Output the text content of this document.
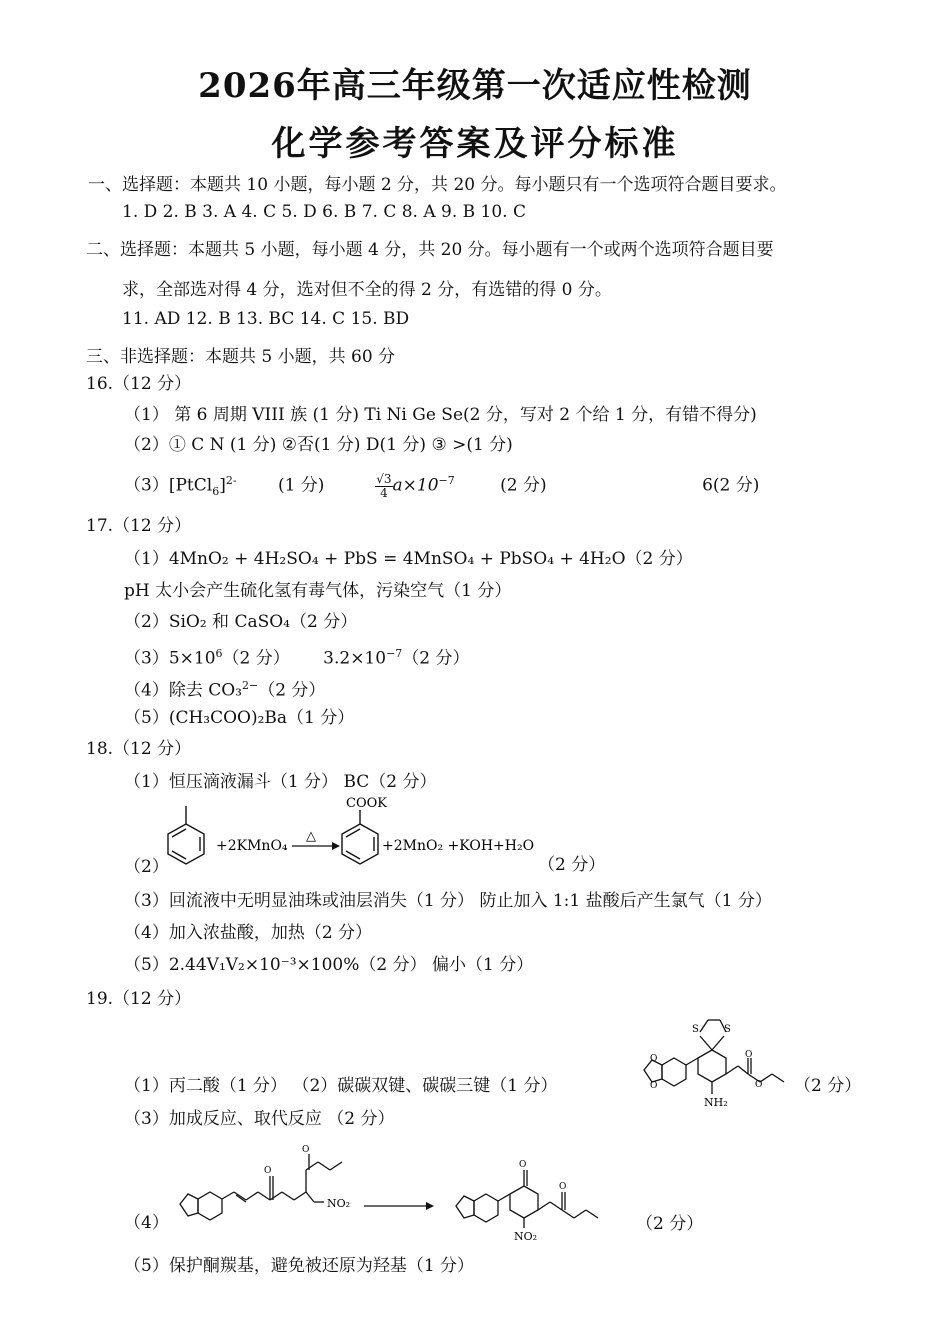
2026年高三年级第一次适应性检测
化学参考答案及评分标准
一、选择题：本题共 10 小题，每小题 2 分，共 20 分。每小题只有一个选项符合题目要求。
1. D 2. B 3. A 4. C 5. D 6. B 7. C 8. A 9. B 10. C
二、选择题：本题共 5 小题，每小题 4 分，共 20 分。每小题有一个或两个选项符合题目要
求，全部选对得 4 分，选对但不全的得 2 分，有选错的得 0 分。
11. AD 12. B 13. BC 14. C 15. BD
三、非选择题：本题共 5 小题，共 60 分
16.（12 分）
（1） 第 6 周期 VIII 族 (1 分) Ti Ni Ge Se(2 分，写对 2 个给 1 分，有错不得分)
（2）① C N (1 分) ②否(1 分) D(1 分) ③ >(1 分)
（3）[PtCl$_6$]$^{2-}$ (1 分)	$\frac{√3}{4} a\times 10^{-7}$	(2 分)	6(2 分)
17.（12 分）
（1）4MnO₂ + 4H₂SO₄ + PbS = 4MnSO₄ + PbSO₄ + 4H₂O（2 分）
pH 太小会产生硫化氢有毒气体，污染空气（1 分）
（2）SiO₂ 和 CaSO₄（2 分）
$(3)5\times 10^6(2$ 分） $3.2\times 10^{-7}(2$ 分）
（4）除去 CO₃$^{2-}$（2 分）
（5）(CH₃COO)₂Ba（1 分）
18.（12 分）
（1）恒压滴液漏斗（1 分） BC（2 分）
（2）
+2KMnO₄
△
COOK
+2MnO₂ +KOH+H₂O
（2 分）
（3）回流液中无明显油珠或油层消失（1 分） 防止加入 1:1 盐酸后产生氯气（1 分）
（4）加入浓盐酸，加热（2 分）
（5）2.44V₁V₂×10⁻³×100%（2 分） 偏小（1 分）
19.（12 分）
（1）丙二酸（1 分） （2）碳碳双键、碳碳三键（1 分）
S	S
O
O
O
O
NH₂
（2 分）
（3）加成反应、取代反应 （2 分）
（4）
O
O
NO₂
O
O
NO₂
（2 分）
（5）保护酮羰基，避免被还原为羟基（1 分）
